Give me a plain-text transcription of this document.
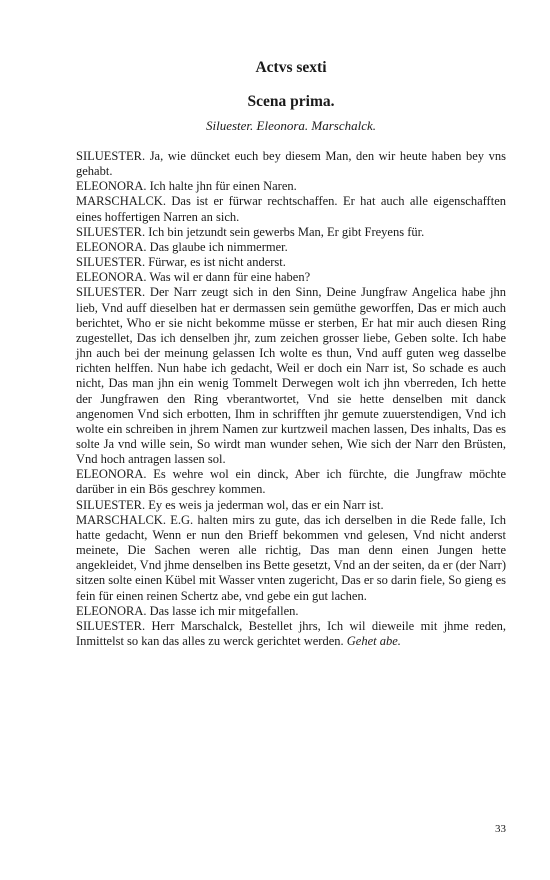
Actvs sexti
Scena prima.

Siluester. Eleonora. Marschalck.

SILUESTER. Ja, wie düncket euch bey diesem Man, den wir heute haben bey vns gehabt.

ELEONORA. Ich halte jhn für einen Naren.

MARSCHALCK. Das ist er fürwar rechtschaffen. Er hat auch alle eigenschafften eines hoffertigen Narren an sich.

SILUESTER. Ich bin jetzundt sein gewerbs Man, Er gibt Freyens für.

ELEONORA. Das glaube ich nimmermer.

SILUESTER. Fürwar, es ist nicht anderst.

ELEONORA. Was wil er dann für eine haben?

SILUESTER. Der Narr zeugt sich in den Sinn, Deine Jungfraw Angelica habe jhn lieb, Vnd auff dieselben hat er dermassen sein gemüthe geworffen, Das er mich auch berichtet, Who er sie nicht bekomme müsse er sterben, Er hat mir auch diesen Ring zugestellet, Das ich denselben jhr, zum zeichen grosser liebe, Geben solte. Ich habe jhn auch bei der meinung gelassen Ich wolte es thun, Vnd auff guten weg dasselbe richten helffen. Nun habe ich gedacht, Weil er doch ein Narr ist, So schade es auch nicht, Das man jhn ein wenig Tommelt Derwegen wolt ich jhn vberreden, Ich hette der Jungfrawen den Ring vberantwortet, Vnd sie hette denselben mit danck angenomen Vnd sich erbotten, Ihm in schrifften jhr gemute zuuerstendigen, Vnd ich wolte ein schreiben in jhrem Namen zur kurtzweil machen lassen, Des inhalts, Das es solte Ja vnd wille sein, So wirdt man wunder sehen, Wie sich der Narr den Brüsten, Vnd hoch antragen lassen sol.

ELEONORA. Es wehre wol ein dinck, Aber ich fürchte, die Jungfraw möchte darüber in ein Bös geschrey kommen.

SILUESTER. Ey es weis ja jederman wol, das er ein Narr ist.

MARSCHALCK. E.G. halten mirs zu gute, das ich derselben in die Rede falle, Ich hatte gedacht, Wenn er nun den Brieff bekommen vnd gelesen, Vnd nicht anderst meinete, Die Sachen weren alle richtig, Das man denn einen Jungen hette angekleidet, Vnd jhme denselben ins Bette gesetzt, Vnd an der seiten, da er (der Narr) sitzen solte einen Kübel mit Wasser vnten zugericht, Das er so darin fiele, So gieng es fein für einen reinen Schertz abe, vnd gebe ein gut lachen.

ELEONORA. Das lasse ich mir mitgefallen.

SILUESTER. Herr Marschalck, Bestellet jhrs, Ich wil dieweile mit jhme reden, Inmittelst so kan das alles zu werck gerichtet werden. Gehet abe.

33
